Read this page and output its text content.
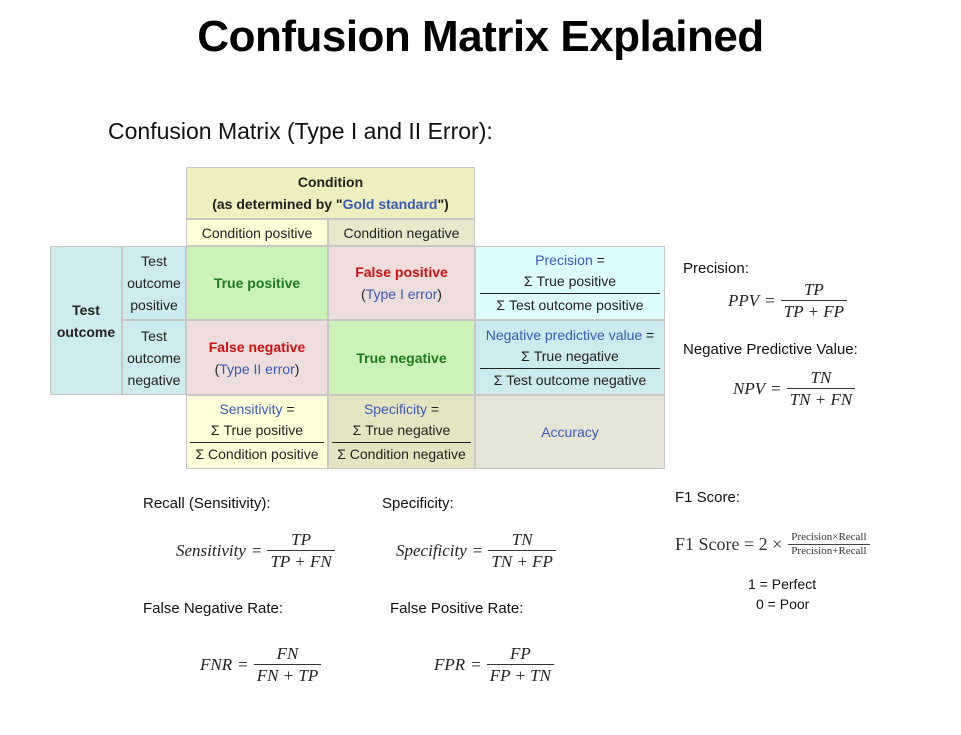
Confusion Matrix Explained
Confusion Matrix (Type I and II Error):
Condition
(as determined by "Gold standard")
Condition positive	Condition negative
Test outcome
Test
outcome
positive
Test
outcome
negative
True positive
False positive
(Type I error)
False negative
(Type II error)
True negative
Precision =
Σ True positive
Σ Test outcome positive
Negative predictive value =
Σ True negative
Σ Test outcome negative
Sensitivity =
Σ True positive
Σ Condition positive
Specificity =
Σ True negative
Σ Condition negative
Accuracy
Precision:
PPV = $\frac{TP}{TP + FP}$
Negative Predictive Value:
NPV = $\frac{TN}{TN + FN}$
Recall (Sensitivity):
Sensitivity = $\frac{TP}{TP + FN}$
Specificity:
Specificity = $\frac{TN}{TN + FP}$
F1 Score:
F1 Score = $2 \times \frac{\text{Precision×Recall}}{\text{Precision+Recall}}$
1 = Perfect
0 = Poor
False Negative Rate:
FNR = $\frac{FN}{FN + TP}$
False Positive Rate:
FPR = $\frac{FP}{FP + TN}$
